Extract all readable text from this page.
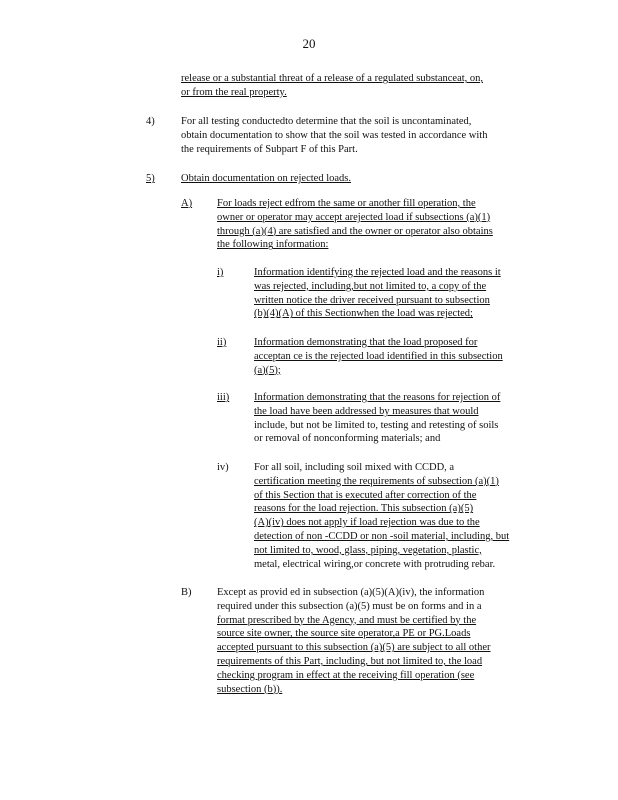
20
release or a substantial threat of a release of a regulated substanceat, on,
or from the real property.
4)	For all testing conductedto determine that the soil is uncontaminated,
obtain documentation to show that the soil was tested in accordance with
the requirements of Subpart F of this Part.
5)	Obtain documentation on rejected loads.
A) For loads reject edfrom the same or another fill operation, the
owner or operator may accept arejected load if subsections (a)(1)
through (a)(4) are satisfied and the owner or operator also obtains
the following information:
i)	Information identifying the rejected load and the reasons it
was rejected, including,but not limited to, a copy of the
written notice the driver received pursuant to subsection
(b)(4)(A) of this Sectionwhen the load was rejected;
ii)	Information demonstrating that the load proposed for
acceptan ce is the rejected load identified in this subsection
(a)(5);
iii) Information demonstrating that the reasons for rejection of
the load have been addressed by measures that would
include, but not be limited to, testing and retesting of soils
or removal of nonconforming materials; and
iv) For all soil, including soil mixed with CCDD, a
certification meeting the requirements of subsection (a)(1)
of this Section that is executed after correction of the
reasons for the load rejection. This subsection (a)(5)
(A)(iv) does not apply if load rejection was due to the
detection of non -CCDD or non -soil material, including, but
not limited to, wood, glass, piping, vegetation, plastic,
metal, electrical wiring,or concrete with protruding rebar.
B) Except as provid ed in subsection (a)(5)(A)(iv), the information
required under this subsection (a)(5) must be on forms and in a
format prescribed by the Agency, and must be certified by the
source site owner, the source site operator,a PE or PG.Loads
accepted pursuant to this subsection (a)(5) are subject to all other
requirements of this Part, including, but not limited to, the load
checking program in effect at the receiving fill operation (see
subsection (b)).
